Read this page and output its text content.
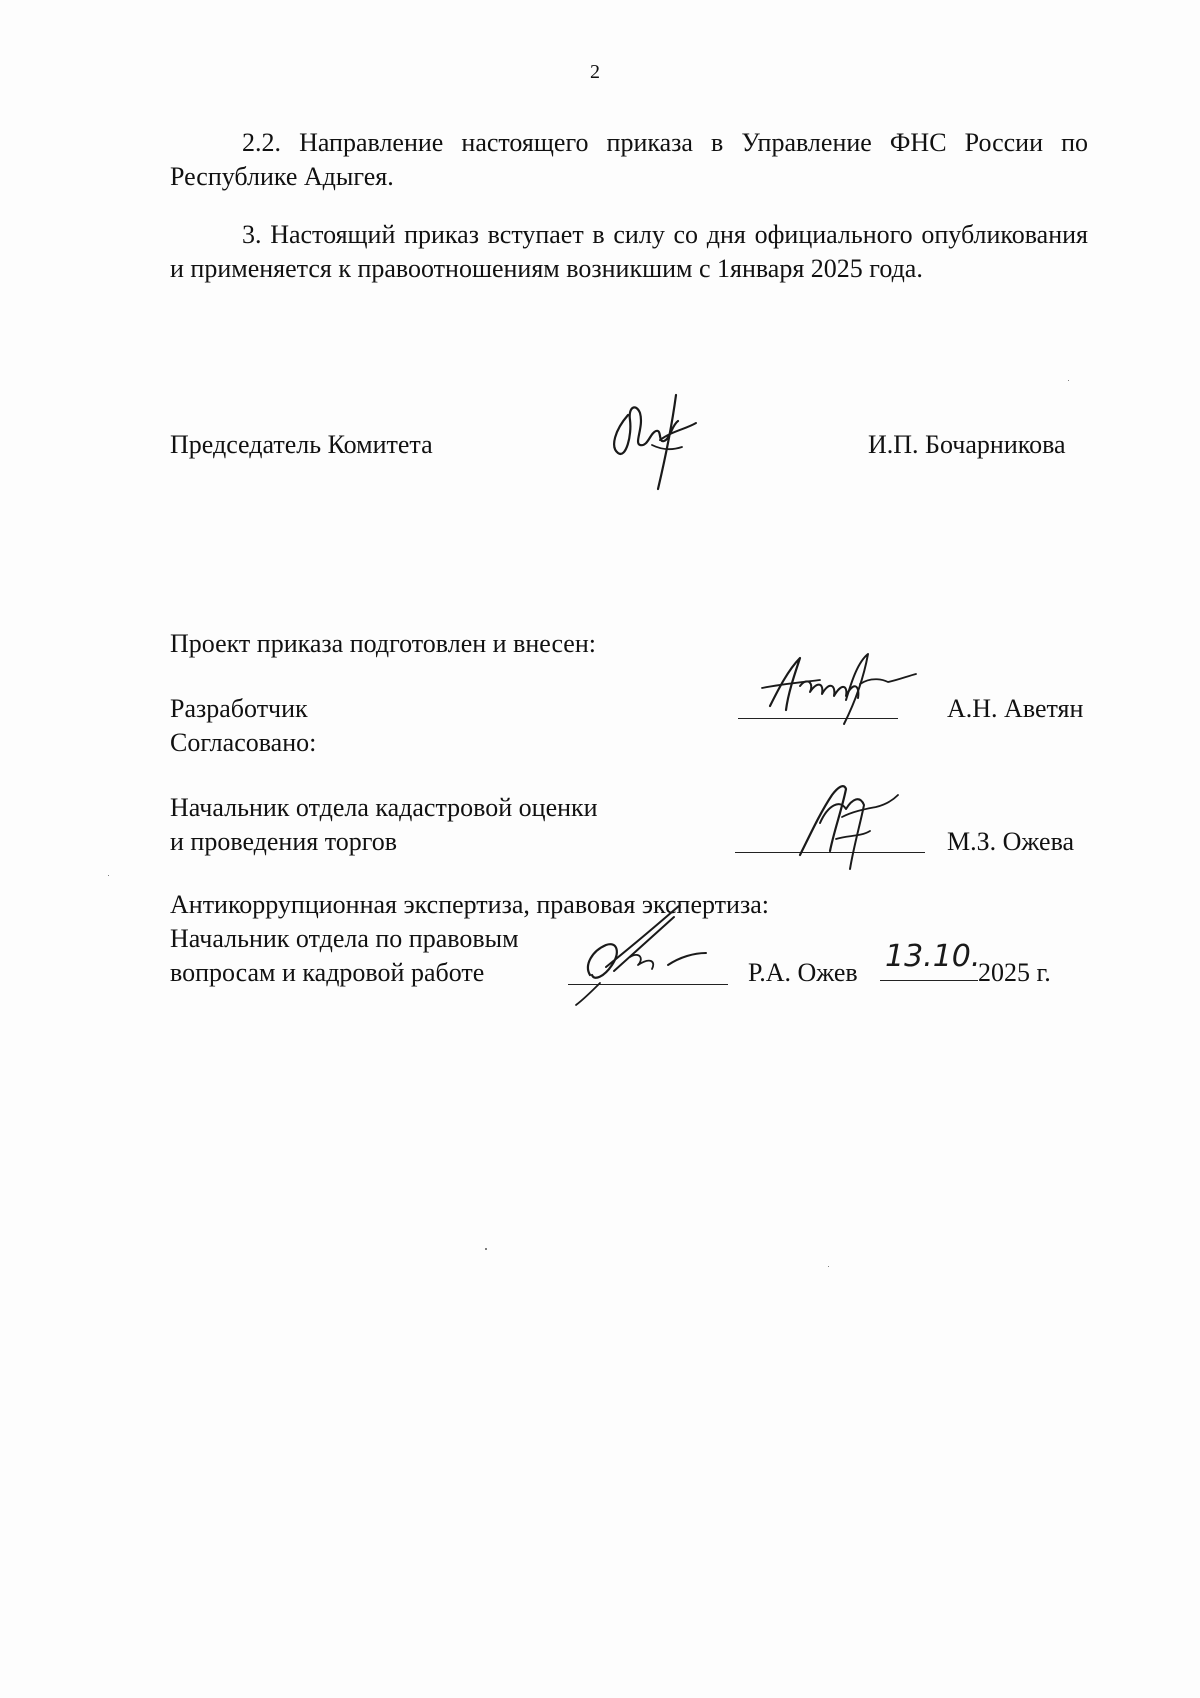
2
2.2. Направление настоящего приказа в Управление ФНС России по Республике Адыгея.
3. Настоящий приказ вступает в силу со дня официального опубликования и применяется к правоотношениям возникшим с 1января 2025 года.
Председатель Комитета	И.П. Бочарникова
Проект приказа подготовлен и внесен:
Разработчик	А.Н. Аветян
Согласовано:
Начальник отдела кадастровой оценки
и проведения торгов	М.З. Ожева
Антикоррупционная экспертиза, правовая экспертиза:
Начальник отдела по правовым
вопросам и кадровой работе	Р.А. Ожев 13.10.
2025 г.
